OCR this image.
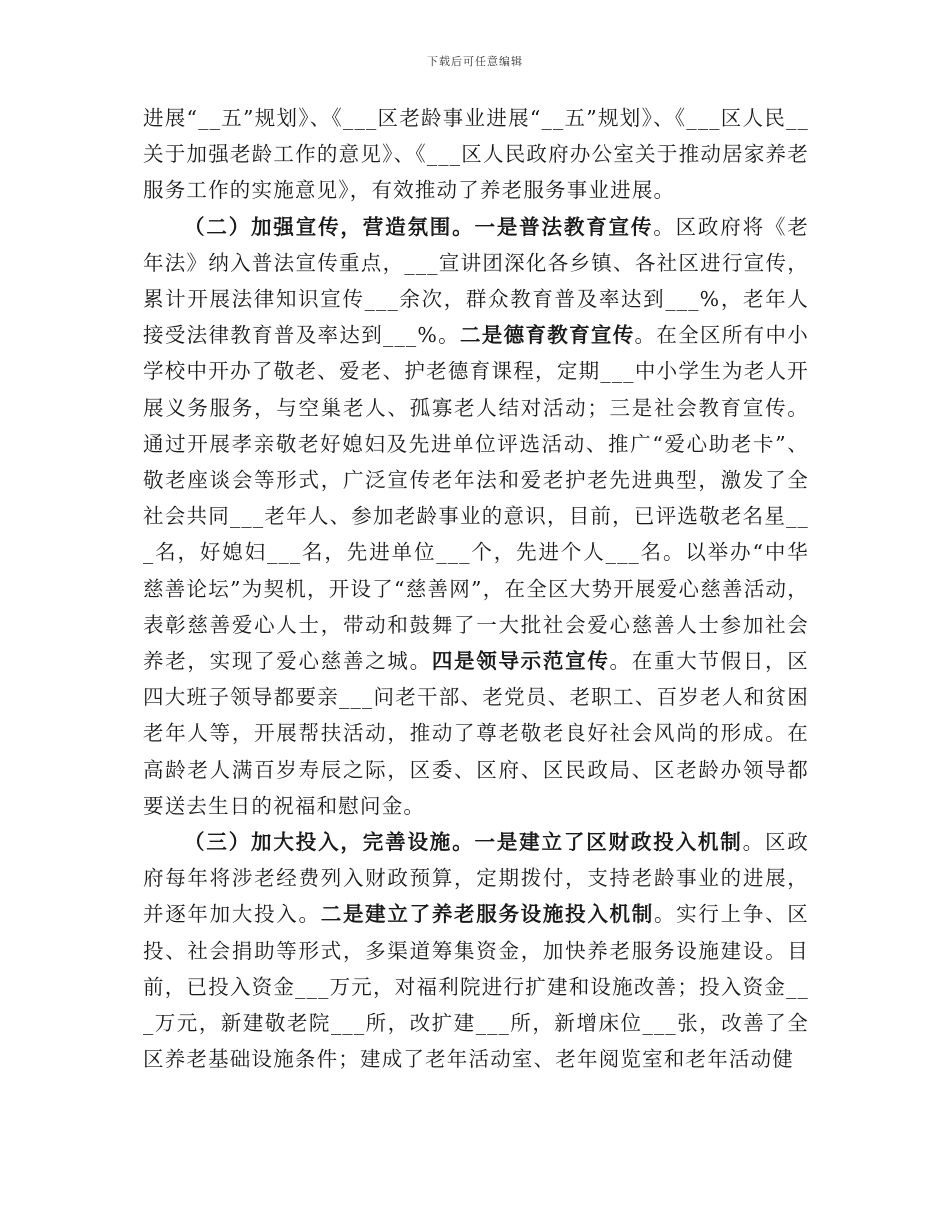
下载后可任意编辑

进展“__五”规划》、《___区老龄事业进展“__五”规划》、《___区人民__关于加强老龄工作的意见》、《___区人民政府办公室关于推动居家养老服务工作的实施意见》，有效推动了养老服务事业进展。

（二）加强宣传，营造氛围。一是普法教育宣传。区政府将《老年法》纳入普法宣传重点，___宣讲团深化各乡镇、各社区进行宣传，累计开展法律知识宣传___余次，群众教育普及率达到___%，老年人接受法律教育普及率达到___%。二是德育教育宣传。在全区所有中小学校中开办了敬老、爱老、护老德育课程，定期___中小学生为老人开展义务服务，与空巢老人、孤寡老人结对活动；三是社会教育宣传。通过开展孝亲敬老好媳妇及先进单位评选活动、推广“爱心助老卡”、敬老座谈会等形式，广泛宣传老年法和爱老护老先进典型，激发了全社会共同___老年人、参加老龄事业的意识，目前，已评选敬老名星___名，好媳妇___名，先进单位___个，先进个人___名。以举办“中华慈善论坛”为契机，开设了“慈善网”，在全区大势开展爱心慈善活动，表彰慈善爱心人士，带动和鼓舞了一大批社会爱心慈善人士参加社会养老，实现了爱心慈善之城。四是领导示范宣传。在重大节假日，区四大班子领导都要亲___问老干部、老党员、老职工、百岁老人和贫困老年人等，开展帮扶活动，推动了尊老敬老良好社会风尚的形成。在高龄老人满百岁寿辰之际，区委、区府、区民政局、区老龄办领导都要送去生日的祝福和慰问金。

（三）加大投入，完善设施。一是建立了区财政投入机制。区政府每年将涉老经费列入财政预算，定期拨付，支持老龄事业的进展，并逐年加大投入。二是建立了养老服务设施投入机制。实行上争、区投、社会捐助等形式，多渠道筹集资金，加快养老服务设施建设。目前，已投入资金___万元，对福利院进行扩建和设施改善；投入资金___万元，新建敬老院___所，改扩建___所，新增床位___张，改善了全区养老基础设施条件；建成了老年活动室、老年阅览室和老年活动健
